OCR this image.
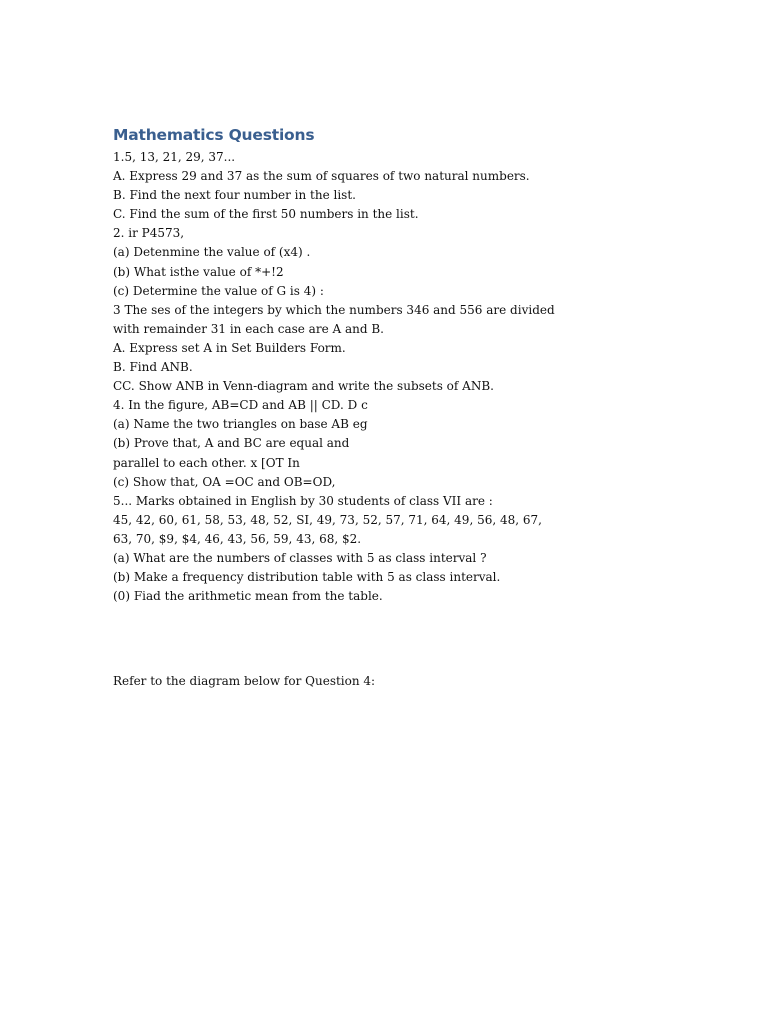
Mathematics Questions

1.5, 13, 21, 29, 37...

A. Express 29 and 37 as the sum of squares of two natural numbers.

B. Find the next four number in the list.

C. Find the sum of the first 50 numbers in the list.

2. ir P4573,

(a) Detenmine the value of (x4) .

(b) What isthe value of *+!2

(c) Determine the value of G is 4) :

3 The ses of the integers by which the numbers 346 and 556 are divided

with remainder 31 in each case are A and B.

A. Express set A in Set Builders Form.

B. Find ANB.

CC. Show ANB in Venn-diagram and write the subsets of ANB.

4. In the figure, AB=CD and AB || CD. D c

(a) Name the two triangles on base AB eg

(b) Prove that, A and BC are equal and

parallel to each other. x [OT In

(c) Show that, OA =OC and OB=OD,

5... Marks obtained in English by 30 students of class VII are :

45, 42, 60, 61, 58, 53, 48, 52, SI, 49, 73, 52, 57, 71, 64, 49, 56, 48, 67,

63, 70, $9, $4, 46, 43, 56, 59, 43, 68, $2.

(a) What are the numbers of classes with 5 as class interval ?

(b) Make a frequency distribution table with 5 as class interval.

(0) Fiad the arithmetic mean from the table.

Refer to the diagram below for Question 4:
